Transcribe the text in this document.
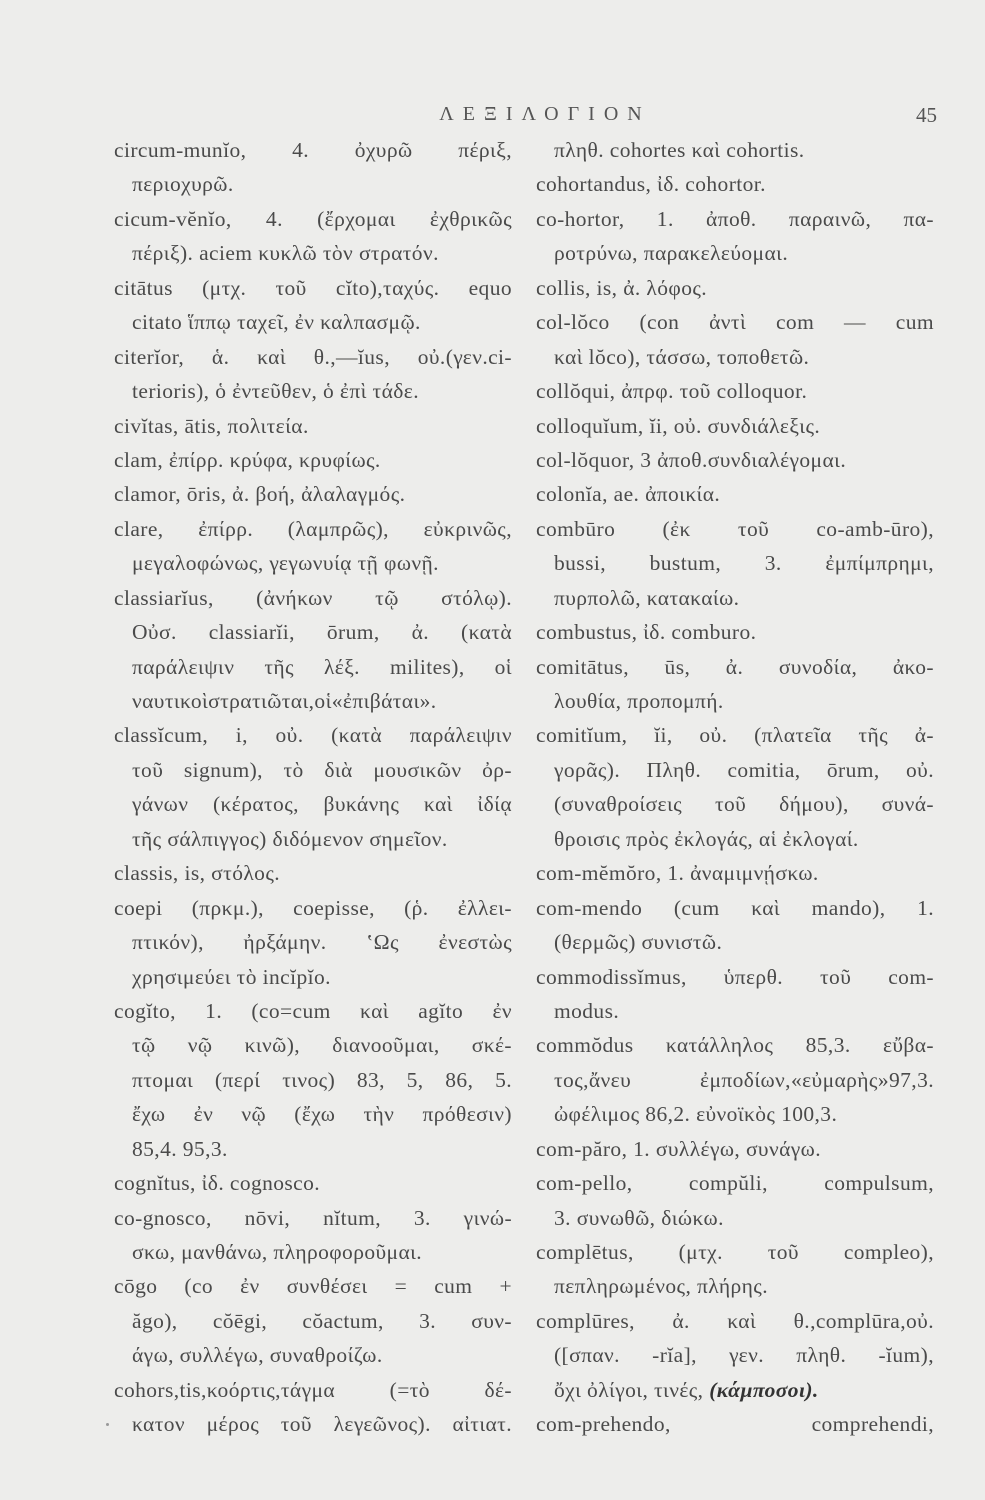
ΛΕΞΙΛΟΓΙΟΝ	45
circum-munĭo, 4. ὀχυρῶ πέριξ,
περιοχυρῶ.
cicum-vĕnĭo, 4. (ἔρχομαι ἐχθρικῶς
πέριξ). aciem κυκλῶ τὸν στρατόν.
citātus (μτχ. τοῦ cĭto),ταχύς. equo
citato ἵππῳ ταχεῖ, ἐν καλπασμῷ.
citerĭor, ἁ. καὶ θ.,—ĭus, οὐ.(γεν.ci-
terioris), ὁ ἐντεῦθεν, ὁ ἐπὶ τάδε.
civĭtas, ātis, πολιτεία.
clam, ἐπίρρ. κρύφα, κρυφίως.
clamor, ōris, ἀ. βοή, ἀλαλαγμός.
clare, ἐπίρρ. (λαμπρῶς), εὐκρινῶς,
μεγαλοφώνως, γεγωνυίᾳ τῇ φωνῇ.
classiarĭus, (ἀνήκων τῷ στόλῳ).
Οὐσ. classiarĭi, ōrum, ἀ. (κατὰ
παράλειψιν τῆς λέξ. milites), οἱ
ναυτικοὶστρατιῶται,οἱ«ἐπιβάται».
classĭcum, i, οὐ. (κατὰ παράλειψιν
τοῦ signum), τὸ διὰ μουσικῶν ὀρ-
γάνων (κέρατος, βυκάνης καὶ ἰδίᾳ
τῆς σάλπιγγος) διδόμενον σημεῖον.
classis, is, στόλος.
coepi (πρκμ.), coepisse, (ῥ. ἐλλει-
πτικόν), ἠρξάμην. ʽΩς ἐνεστὼς
χρησιμεύει τὸ incĭpĭo.
cogĭto, 1. (co=cum καὶ agĭto ἐν
τῷ νῷ κινῶ), διανοοῦμαι, σκέ-
πτομαι (περί τινος) 83, 5, 86, 5.
ἔχω ἐν νῷ (ἔχω τὴν πρόθεσιν)
85,4. 95,3.
cognĭtus, ἰδ. cognosco.
co-gnosco, nōvi, nĭtum, 3. γινώ-
σκω, μανθάνω, πληροφοροῦμαι.
cōgo (co ἐν συνθέσει = cum +
ăgo), cŏēgi, cŏactum, 3. συν-
άγω, συλλέγω, συναθροίζω.
cohors,tis,κοόρτις,τάγμα (=τὸ δέ-
κατον μέρος τοῦ λεγεῶνος). αἰτιατ.
πληθ. cohortes καὶ cohortis.
cohortandus, ἰδ. cohortor.
co-hortor, 1. ἀποθ. παραινῶ, πα-
ροτρύνω, παρακελεύομαι.
collis, is, ἀ. λόφος.
col-lŏco (con ἀντὶ com — cum
καὶ lŏco), τάσσω, τοποθετῶ.
collŏqui, ἀπρφ. τοῦ colloquor.
colloquĭum, ĭi, οὐ. συνδιάλεξις.
col-lŏquor, 3 ἀποθ.συνδιαλέγομαι.
colonĭa, ae. ἀποικία.
combūro (ἐκ τοῦ co-amb-ūro),
bussi, bustum, 3. ἐμπίμπρημι,
πυρπολῶ, κατακαίω.
combustus, ἰδ. comburo.
comitātus, ūs, ἀ. συνοδία, ἀκο-
λουθία, προπομπή.
comitĭum, ĭi, οὐ. (πλατεῖα τῆς ἀ-
γορᾶς). Πληθ. comitia, ōrum, οὐ.
(συναθροίσεις τοῦ δήμου), συνά-
θροισις πρὸς ἐκλογάς, αἱ ἐκλογαί.
com-mĕmŏro, 1. ἀναμιμνῄσκω.
com-mendo (cum καὶ mando), 1.
(θερμῶς) συνιστῶ.
commodissĭmus, ὑπερθ. τοῦ com-
modus.
commŏdus κατάλληλος 85,3. εὔβα-
τος,ἄνευ ἐμποδίων,«εὐμαρὴς»97,3.
ὠφέλιμος 86,2. εὐνοϊκὸς 100,3.
com-păro, 1. συλλέγω, συνάγω.
com-pello, compŭli, compulsum,
3. συνωθῶ, διώκω.
complētus, (μτχ. τοῦ compleo),
πεπληρωμένος, πλήρης.
complūres, ἀ. καὶ θ.,complūra,οὐ.
([σπαν. -rĭa], γεν. πληθ. -ĭum),
ὄχι ὀλίγοι, τινές, (κάμποσοι).
com-prehendo, comprehendi,
